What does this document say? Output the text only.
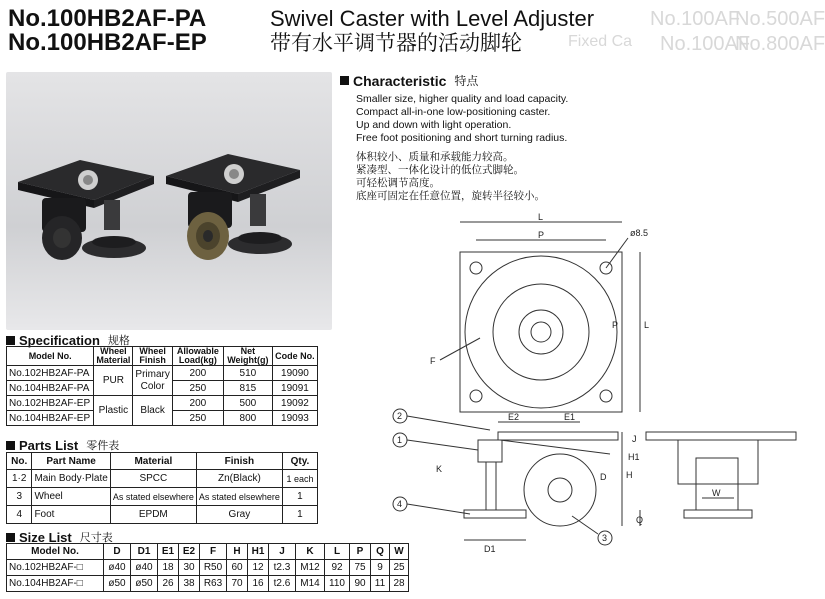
No.100HB2AF-PA
No.100HB2AF-EP
Swivel Caster with Level Adjuster
带有水平调节器的活动脚轮
No.100AF
No.500AF
No.100AF
No.800AF
Fixed Ca
Characteristic 特点
Smaller size, higher quality and load capacity.
Compact all-in-one low-positioning caster.
Up and down with light operation.
Free foot positioning and short turning radius.
体积较小、质量和承载能力较高。
紧凑型、一体化设计的低位式脚轮。
可轻松调节高度。
底座可固定在任意位置，旋转半径较小。
Specification 规格
Model No.	Wheel Material	Wheel Finish	Allowable Load(kg)	Net Weight(g)	Code No.
No.102HB2AF-PA	PUR	Primary Color	200	510	19090
No.104HB2AF-PA			250	815	19091
No.102HB2AF-EP	Plastic	Black	200	500	19092
No.104HB2AF-EP			250	800	19093
Parts List 零件表
No.	Part Name	Material	Finish	Qty.
1·2	Main Body·Plate	SPCC	Zn(Black)	1 each
3	Wheel	As stated elsewhere	As stated elsewhere	1
4	Foot	EPDM	Gray	1
Size List 尺寸表
Model No.	D	D1	E1	E2	F	H	H1	J	K	L	P	Q	W
No.102HB2AF-□	ø40	ø40	18	30	R50	60	12	t2.3	M12	92	75	9	25
No.104HB2AF-□	ø50	ø50	26	38	R63	70	16	t2.6	M14	110	90	11	28
L
P	ø8.5
L
P
F
E2	E1
J
H1
H
D
K
D1
2
1
4
3
W
Q
